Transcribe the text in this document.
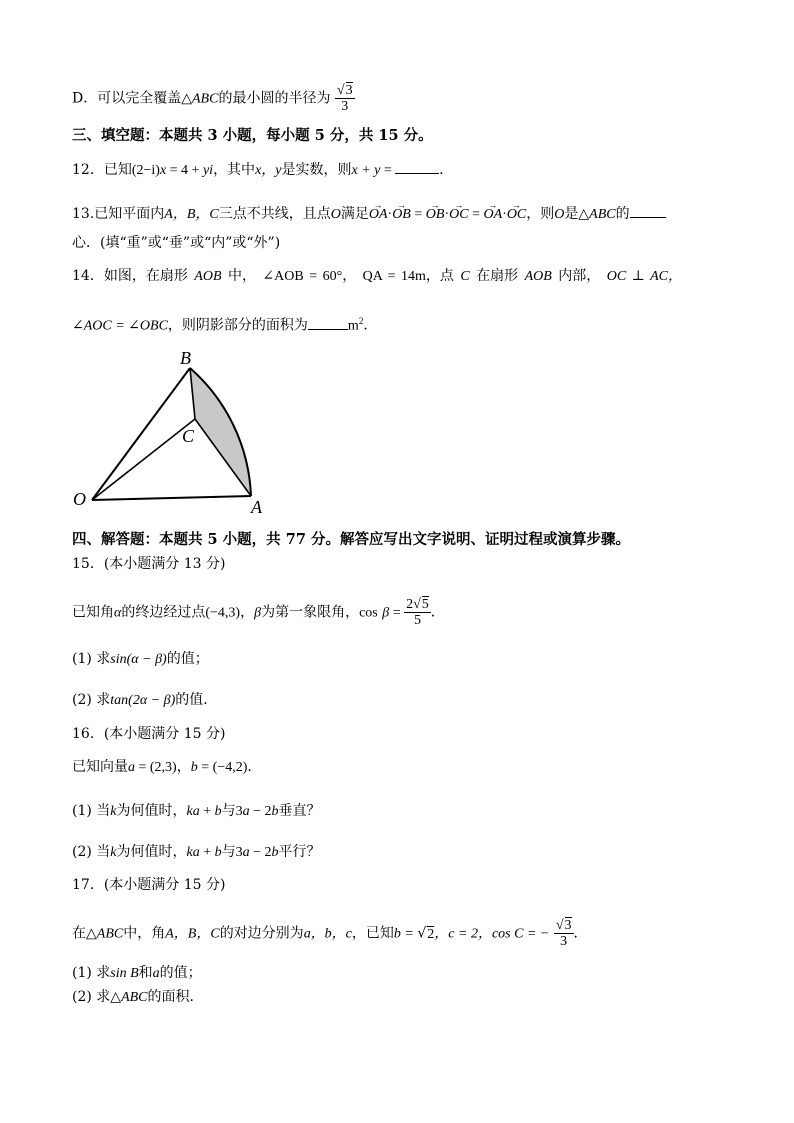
D．可以完全覆盖△ABC的最小圆的半径为 $\frac{√3}{3}$
三、填空题：本题共 3 小题，每小题 5 分，共 15 分。
12．已知(2−i)x = 4 + yi，其中x，y是实数，则x + y =	．
13.已知平面内A，B，C三点不共线，且点O满足→ OA·→ OB = → OB·→ OC = → OA·→ OC，则O是△ABC的
心．(填“重”或“垂”或“内”或“外”)
14．如图，在扇形 AOB 中， ∠AOB = 60°， QA = 14m，点 C 在扇形 AOB 内部， OC ⊥ AC，
∠AOC = ∠OBC，则阴影部分的面积为	$m^2$．
B
C
O	A
四、解答题：本题共 5 小题，共 77 分。解答应写出文字说明、证明过程或演算步骤。
15．(本小题满分 13 分)
已知角α的终边经过点(−4,3)，β为第一象限角，$\cos \beta = \frac{2√5}{5}$ ．
(1) 求sin(α − β)的值；
(2) 求tan(2α − β)的值．
16．(本小题满分 15 分)
已知向量a = (2,3)，b = (−4,2)．
(1) 当k为何值时，ka + b与3a − 2b垂直？
(2) 当k为何值时，ka + b与3a − 2b平行？
17．(本小题满分 15 分)
在△ABC中，角A，B，C的对边分别为a，b，c，已知b = √2，c = 2，cos C = − $\frac{√3}{3}$ ．
(1) 求sin B和a的值；
(2) 求△ABC的面积．
